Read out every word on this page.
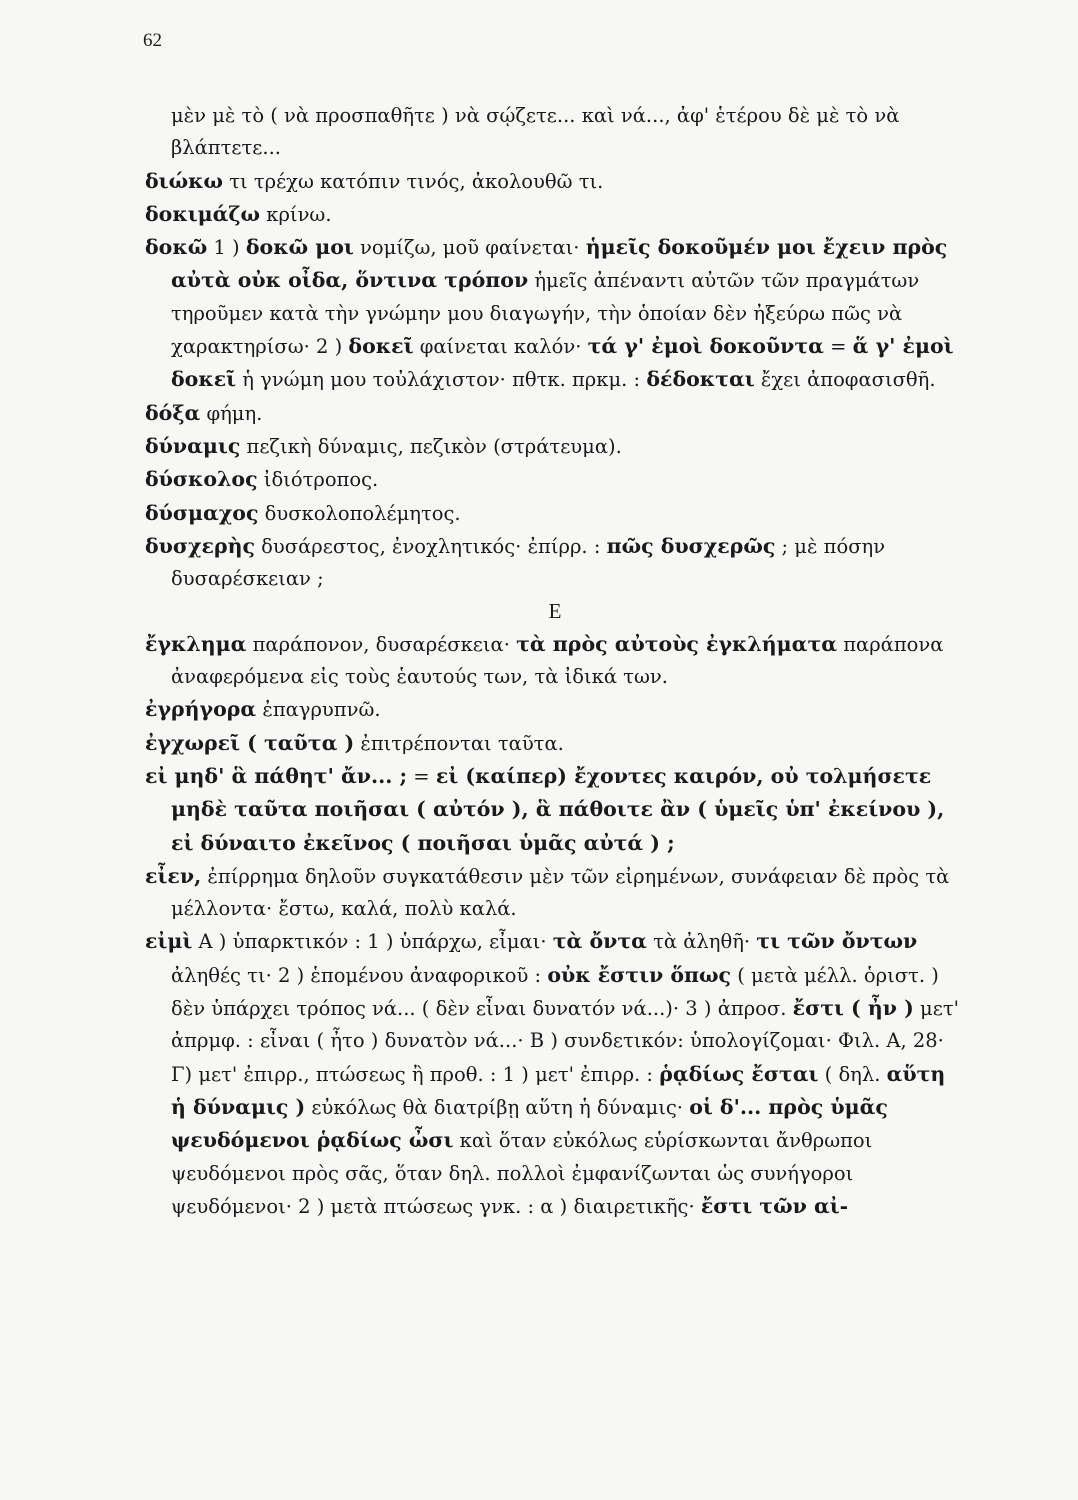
62

μὲν μὲ τὸ ( νὰ προσπαθῆτε ) νὰ σῴζετε... καὶ νά..., ἀφ' ἑτέρου δὲ μὲ τὸ νὰ βλάπτετε...

διώκω τι τρέχω κατόπιν τινός, ἀκολουθῶ τι.

δοκιμάζω κρίνω.

δοκῶ 1 ) δοκῶ μοι νομίζω, μοῦ φαίνεται· ἡμεῖς δοκοῦμέν μοι ἔχειν πρὸς αὐτὰ οὐκ οἶδα, ὅντινα τρόπον ἡμεῖς ἀπέναντι αὐτῶν τῶν πραγμάτων τηροῦμεν κατὰ τὴν γνώμην μου διαγωγήν, τὴν ὁποίαν δὲν ἠξεύρω πῶς νὰ χαρακτηρίσω· 2 ) δοκεῖ φαίνεται καλόν· τά γ' ἐμοὶ δοκοῦντα = ἅ γ' ἐμοὶ δοκεῖ ἡ γνώμη μου τοὐλάχιστον· πθτκ. πρκμ. : δέδοκται ἔχει ἀποφασισθῆ.

δόξα φήμη.

δύναμις πεζικὴ δύναμις, πεζικὸν (στράτευμα).

δύσκολος ἰδιότροπος.

δύσμαχος δυσκολοπολέμητος.

δυσχερὴς δυσάρεστος, ἐνοχλητικός· ἐπίρρ. : πῶς δυσχερῶς ; μὲ πόσην δυσαρέσκειαν ;

Ε

ἔγκλημα παράπονον, δυσαρέσκεια· τὰ πρὸς αὐτοὺς ἐγκλήματα παράπονα ἀναφερόμενα εἰς τοὺς ἑαυτούς των, τὰ ἰδικά των.

ἐγρήγορα ἐπαγρυπνῶ.

ἐγχωρεῖ ( ταῦτα ) ἐπιτρέπονται ταῦτα.

εἰ μηδ' ἃ πάθητ' ἄν... ; = εἰ (καίπερ) ἔχοντες καιρόν, οὐ τολμήσετε μηδὲ ταῦτα ποιῆσαι ( αὐτόν ), ἃ πάθοιτε ἂν ( ὑμεῖς ὑπ' ἐκείνου ), εἰ δύναιτο ἐκεῖνος ( ποιῆσαι ὑμᾶς αὐτά ) ;

εἶεν, ἐπίρρημα δηλοῦν συγκατάθεσιν μὲν τῶν εἰρημένων, συνάφειαν δὲ πρὸς τὰ μέλλοντα· ἔστω, καλά, πολὺ καλά.

εἰμὶ Α ) ὑπαρκτικόν : 1 ) ὑπάρχω, εἶμαι· τὰ ὄντα τὰ ἀληθῆ· τι τῶν ὄντων ἀληθές τι· 2 ) ἑπομένου ἀναφορικοῦ : οὐκ ἔστιν ὅπως ( μετὰ μέλλ. ὁριστ. ) δὲν ὑπάρχει τρόπος νά... ( δὲν εἶναι δυνατόν νά...)· 3 ) ἀπροσ. ἔστι ( ἦν ) μετ' ἀπρμφ. : εἶναι ( ἦτο ) δυνατὸν νά...· Β ) συνδετικόν: ὑπολογίζομαι· Φιλ. Α, 28· Γ) μετ' ἐπιρρ., πτώσεως ἢ προθ. : 1 ) μετ' ἐπιρρ. : ῥᾳδίως ἔσται ( δηλ. αὕτη ἡ δύναμις ) εὐκόλως θὰ διατρίβῃ αὕτη ἡ δύναμις· οἱ δ'... πρὸς ὑμᾶς ψευδόμενοι ῥᾳδίως ὦσι καὶ ὅταν εὐκόλως εὑρίσκωνται ἄνθρωποι ψευδόμενοι πρὸς σᾶς, ὅταν δηλ. πολλοὶ ἐμφανίζωνται ὡς συνήγοροι ψευδόμενοι· 2 ) μετὰ πτώσεως γνκ. : α ) διαιρετικῆς· ἔστι τῶν αἰ-
